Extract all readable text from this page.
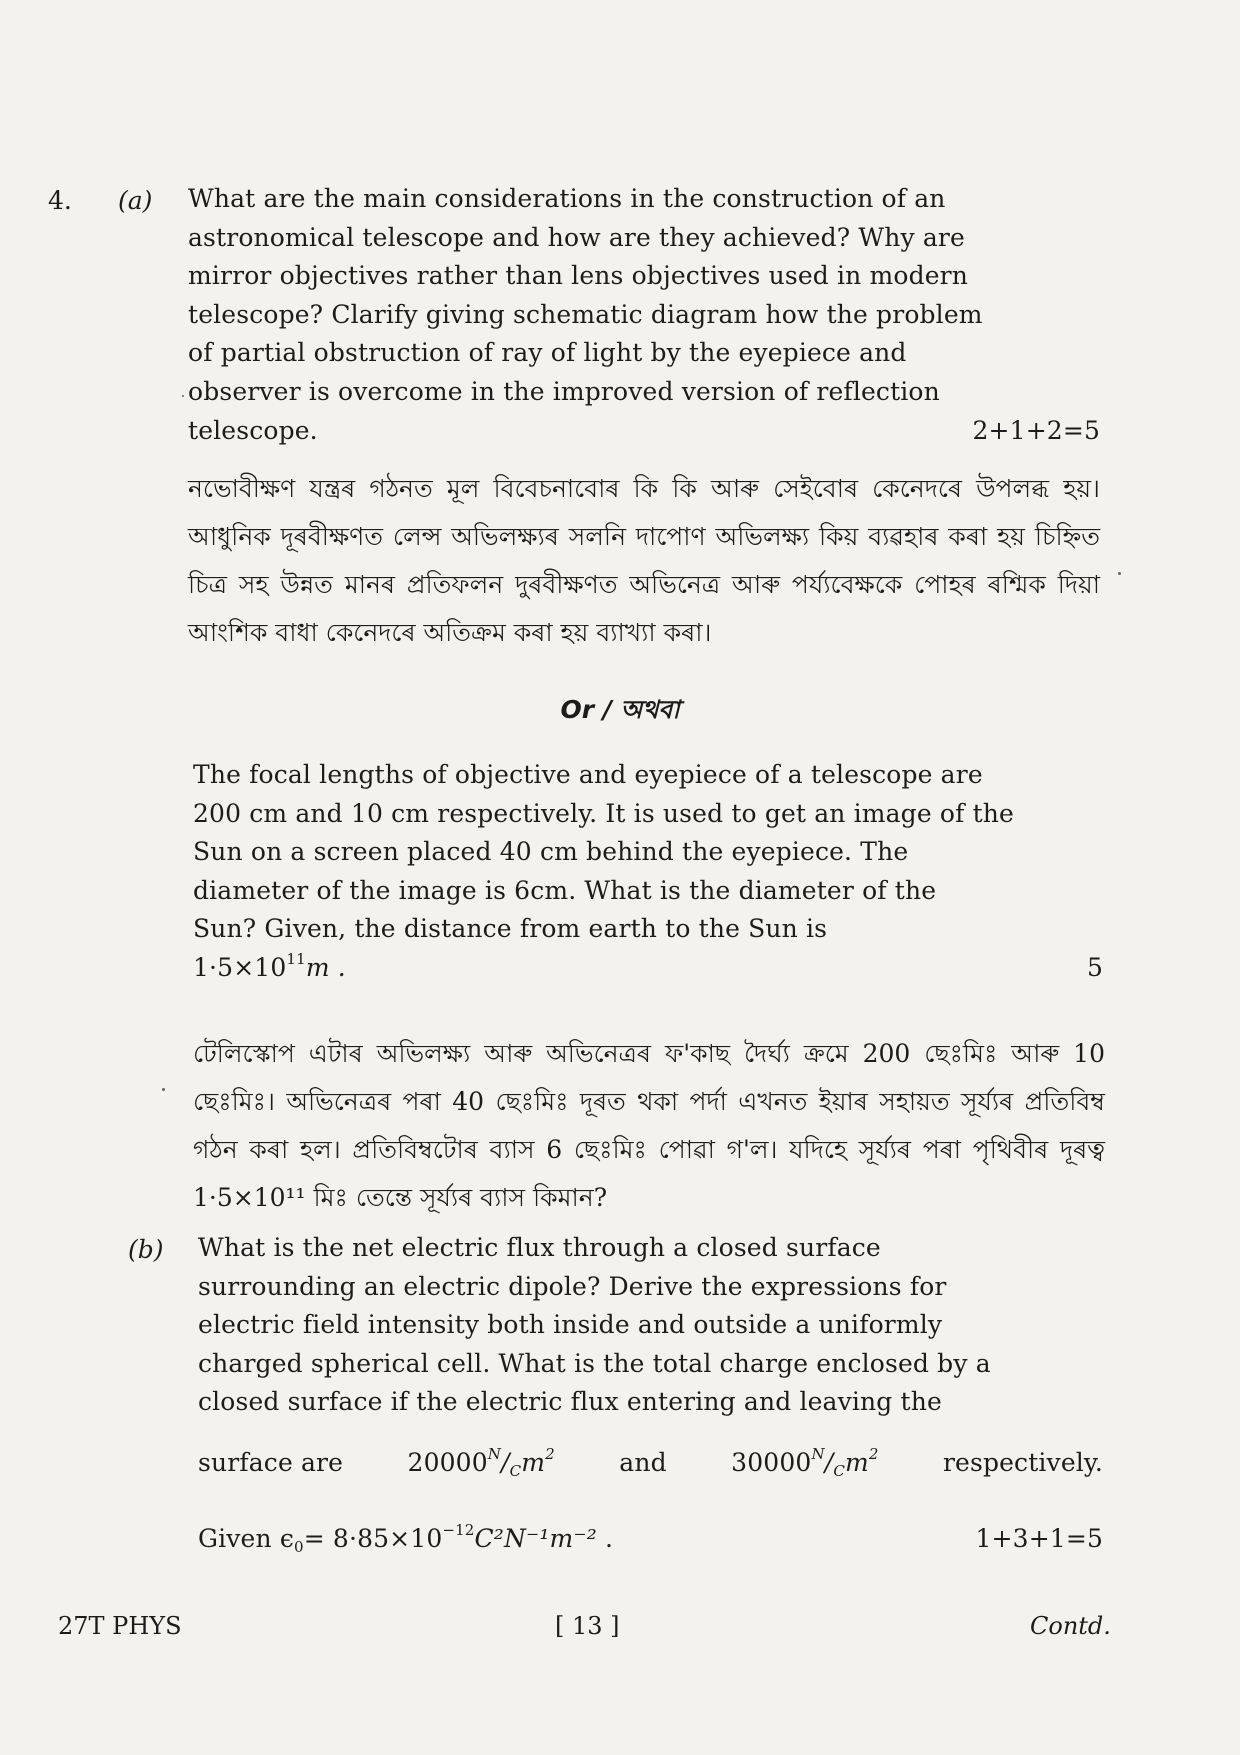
4. (a) What are the main considerations in the construction of an
astronomical telescope and how are they achieved? Why are
mirror objectives rather than lens objectives used in modern
telescope? Clarify giving schematic diagram how the problem
of partial obstruction of ray of light by the eyepiece and
observer is overcome in the improved version of reflection
telescope.	2+1+2=5
নভোবীক্ষণ যন্ত্ৰৰ গঠনত মূল বিবেচনাবোৰ কি কি আৰু সেইবোৰ কেনেদৰে উপলব্ধ হয়। আধুনিক দূৰবীক্ষণত লেন্স অভিলক্ষ্যৰ সলনি দাপোণ অভিলক্ষ্য কিয় ব্যৱহাৰ কৰা হয় চিহ্নিত চিত্ৰ সহ উন্নত মানৰ প্ৰতিফলন দুৰবীক্ষণত অভিনেত্ৰ আৰু পৰ্য্যবেক্ষকে পোহৰ ৰশ্মিক দিয়া আংশিক বাধা কেনেদৰে অতিক্ৰম কৰা হয় ব্যাখ্যা কৰা।
Or / অথবা
The focal lengths of objective and eyepiece of a telescope are
200 cm and 10 cm respectively. It is used to get an image of the
Sun on a screen placed 40 cm behind the eyepiece. The
diameter of the image is 6cm. What is the diameter of the
Sun? Given, the distance from earth to the Sun is
$1\cdot 5\times 10^{11}m$ .	5
টেলিস্কোপ এটাৰ অভিলক্ষ্য আৰু অভিনেত্ৰৰ ফ'কাছ দৈৰ্ঘ্য ক্ৰমে 200 ছেঃমিঃ আৰু 10 ছেঃমিঃ। অভিনেত্ৰৰ পৰা 40 ছেঃমিঃ দূৰত থকা পৰ্দা এখনত ইয়াৰ সহায়ত সূৰ্য্যৰ প্ৰতিবিম্ব গঠন কৰা হল। প্ৰতিবিম্বটোৰ ব্যাস 6 ছেঃমিঃ পোৱা গ'ল। যদিহে সূৰ্য্যৰ পৰা পৃথিবীৰ দূৰত্ব 1·5×10¹¹ মিঃ তেন্তে সূৰ্য্যৰ ব্যাস কিমান?
(b) What is the net electric flux through a closed surface
surrounding an electric dipole? Derive the expressions for
electric field intensity both inside and outside a uniformly
charged spherical cell. What is the total charge enclosed by a
closed surface if the electric flux entering and leaving the
surface are	$20000^N/_Cm^2$	and	$30000^N/_Cm^2$	respectively.
Given $\epsilon_0= 8\cdot 85\times 10^{-12}C^2N^{-1}m^{-2}$ .	1+3+1=5
27T PHYS	[ 13 ]	Contd.
